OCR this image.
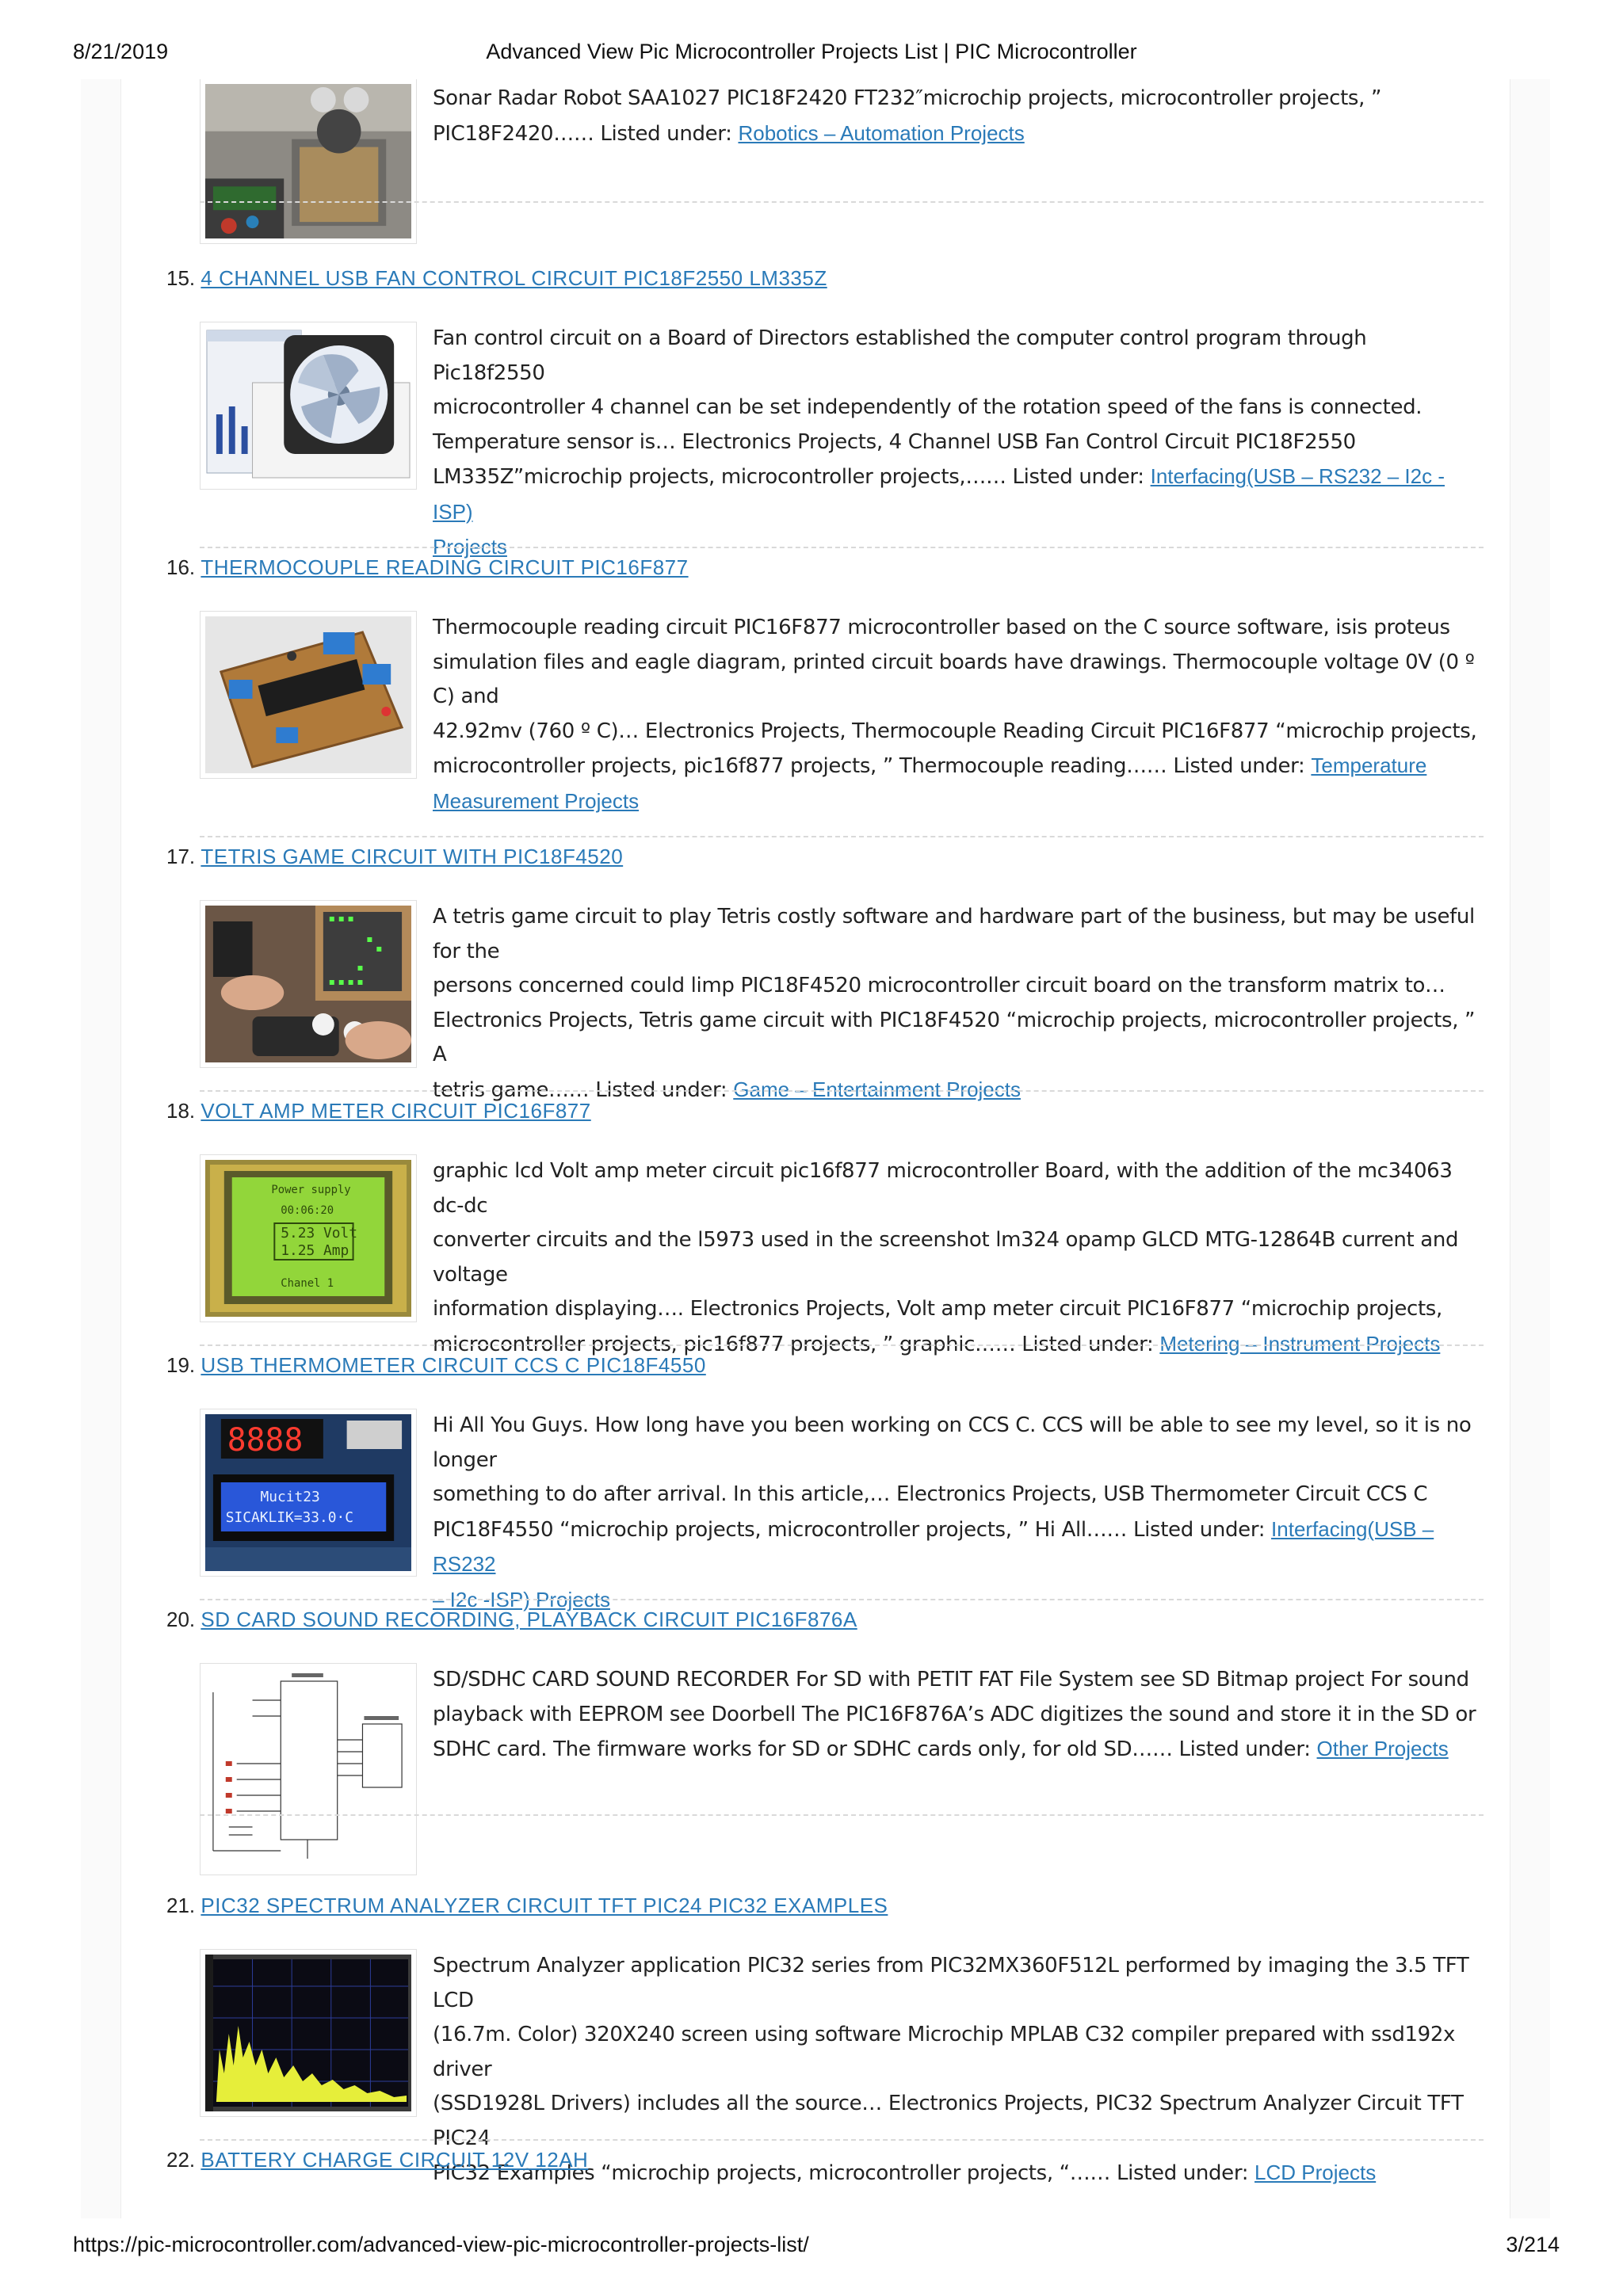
8/21/2019	Advanced View Pic Microcontroller Projects List | PIC Microcontroller
Sonar Radar Robot SAA1027 PIC18F2420 FT232″microchip projects, microcontroller projects, ”
PIC18F2420…… Listed under: Robotics – Automation Projects
15. 4 CHANNEL USB FAN CONTROL CIRCUIT PIC18F2550 LM335Z
Fan control circuit on a Board of Directors established the computer control program through Pic18f2550
microcontroller 4 channel can be set independently of the rotation speed of the fans is connected.
Temperature sensor is… Electronics Projects, 4 Channel USB Fan Control Circuit PIC18F2550
LM335Z”microchip projects, microcontroller projects,…… Listed under: Interfacing(USB – RS232 – I2c -ISP)
Projects
16. THERMOCOUPLE READING CIRCUIT PIC16F877
Thermocouple reading circuit PIC16F877 microcontroller based on the C source software, isis proteus
simulation files and eagle diagram, printed circuit boards have drawings. Thermocouple voltage 0V (0 º C) and
42.92mv (760 º C)… Electronics Projects, Thermocouple Reading Circuit PIC16F877 “microchip projects,
microcontroller projects, pic16f877 projects, ” Thermocouple reading…… Listed under: Temperature
Measurement Projects
17. TETRIS GAME CIRCUIT WITH PIC18F4520
A tetris game circuit to play Tetris costly software and hardware part of the business, but may be useful for the
persons concerned could limp PIC18F4520 microcontroller circuit board on the transform matrix to…
Electronics Projects, Tetris game circuit with PIC18F4520 “microchip projects, microcontroller projects, ” A
tetris game…… Listed under: Game – Entertainment Projects
18. VOLT AMP METER CIRCUIT PIC16F877
Power supply
00:06:20
5.23 Volt
1.25 Amp
Chanel 1
graphic lcd Volt amp meter circuit pic16f877 microcontroller Board, with the addition of the mc34063 dc-dc
converter circuits and the l5973 used in the screenshot lm324 opamp GLCD MTG-12864B current and voltage
information displaying…. Electronics Projects, Volt amp meter circuit PIC16F877 “microchip projects,
microcontroller projects, pic16f877 projects, ” graphic…… Listed under: Metering – Instrument Projects
19. USB THERMOMETER CIRCUIT CCS C PIC18F4550
8888
Mucit23
SICAKLIK=33.0·C
Hi All You Guys. How long have you been working on CCS C. CCS will be able to see my level, so it is no longer
something to do after arrival. In this article,… Electronics Projects, USB Thermometer Circuit CCS C
PIC18F4550 “microchip projects, microcontroller projects, ” Hi All…… Listed under: Interfacing(USB – RS232
– I2c -ISP) Projects
20. SD CARD SOUND RECORDING, PLAYBACK CIRCUIT PIC16F876A
SD/SDHC CARD SOUND RECORDER For SD with PETIT FAT File System see SD Bitmap project For sound
playback with EEPROM see Doorbell The PIC16F876A’s ADC digitizes the sound and store it in the SD or
SDHC card. The firmware works for SD or SDHC cards only, for old SD…… Listed under: Other Projects
21. PIC32 SPECTRUM ANALYZER CIRCUIT TFT PIC24 PIC32 EXAMPLES
Spectrum Analyzer application PIC32 series from PIC32MX360F512L performed by imaging the 3.5 TFT LCD
(16.7m. Color) 320X240 screen using software Microchip MPLAB C32 compiler prepared with ssd192x driver
(SSD1928L Drivers) includes all the source… Electronics Projects, PIC32 Spectrum Analyzer Circuit TFT PIC24
PIC32 Examples “microchip projects, microcontroller projects, “…… Listed under: LCD Projects
22. BATTERY CHARGE CIRCUIT 12V 12AH
https://pic-microcontroller.com/advanced-view-pic-microcontroller-projects-list/	3/214
